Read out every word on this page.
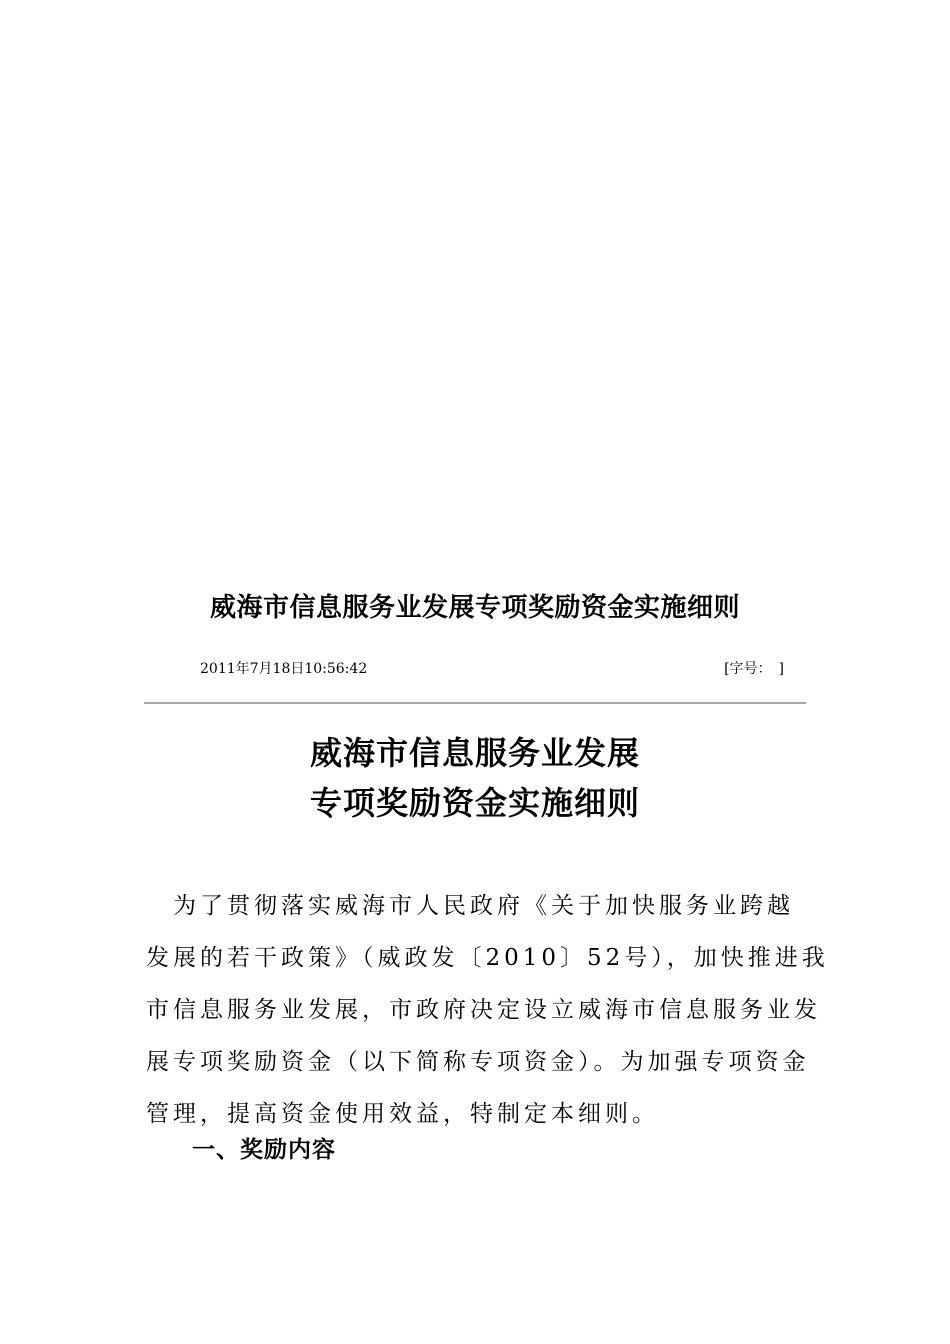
威海市信息服务业发展专项奖励资金实施细则
2011年7月18日10:56:42	[字号：　]
威海市信息服务业发展
专项奖励资金实施细则

　为了贯彻落实威海市人民政府《关于加快服务业跨越
发展的若干政策》（威政发〔2010〕52号），加快推进我
市信息服务业发展，市政府决定设立威海市信息服务业发
展专项奖励资金（以下简称专项资金）。为加强专项资金
管理，提高资金使用效益，特制定本细则。

一、奖励内容
